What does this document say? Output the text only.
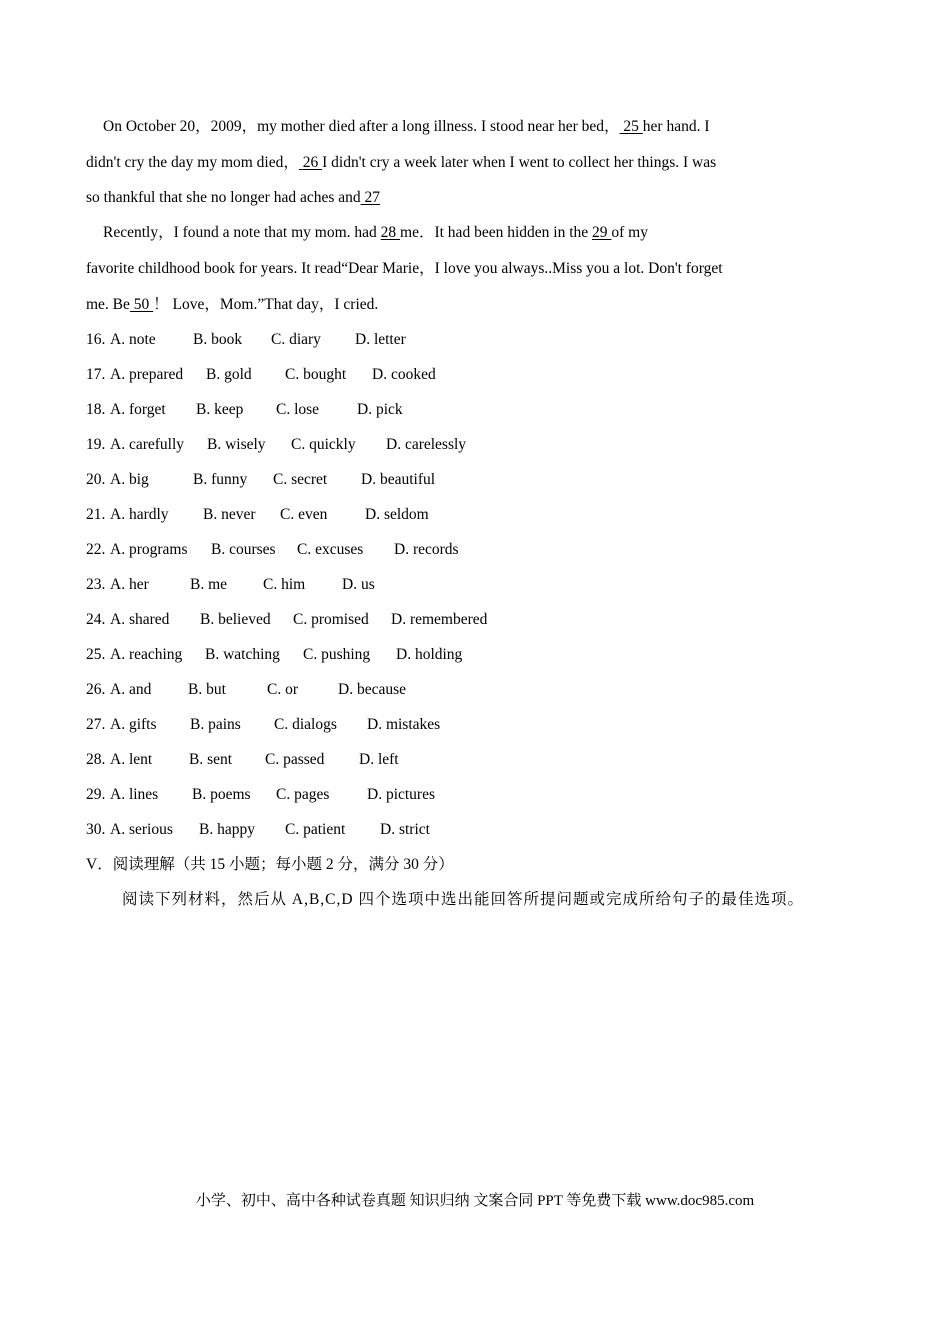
On October 20，2009，my mother died after a long illness. I stood near her bed， 25 her hand. I
didn't cry the day my mom died， 26 I didn't cry a week later when I went to collect her things. I was
so thankful that she no longer had aches and 27
Recently，I found a note that my mom. had 28 me．It had been hidden in the 29 of my
favorite childhood book for years. It read“Dear Marie，I love you always..Miss you a lot. Don't forget
me. Be 50 ！ Love，Mom.”That day，I cried.
16. A. note B. book C. diary D. letter
17. A. prepared B. gold C. bought D. cooked
18. A. forget B. keep C. lose D. pick
19. A. carefully B. wisely C. quickly D. carelessly
20. A. big	B. funny C. secret D. beautiful
21. A. hardly B. never C. even D. seldom
22. A. programs B. courses C. excuses D. records
23. A. her	B. me C. him D. us
24. A. shared B. believed C. promised D. remembered
25. A. reaching B. watching C. pushing D. holding
26. A. and B. but	C. or	D. because
27. A. gifts B. pains C. dialogs D. mistakes
28. A. lent B. sent C. passed D. left
29. A. lines B. poems C. pages D. pictures
30. A. serious B. happy C. patient D. strict
V．阅读理解（共 15 小题；每小题 2 分，满分 30 分）
阅读下列材料，然后从 A,B,C,D 四个选项中选出能回答所提问题或完成所给句子的最佳选项。
小学、初中、高中各种试卷真题 知识归纳 文案合同 PPT 等免费下载 www.doc985.com
